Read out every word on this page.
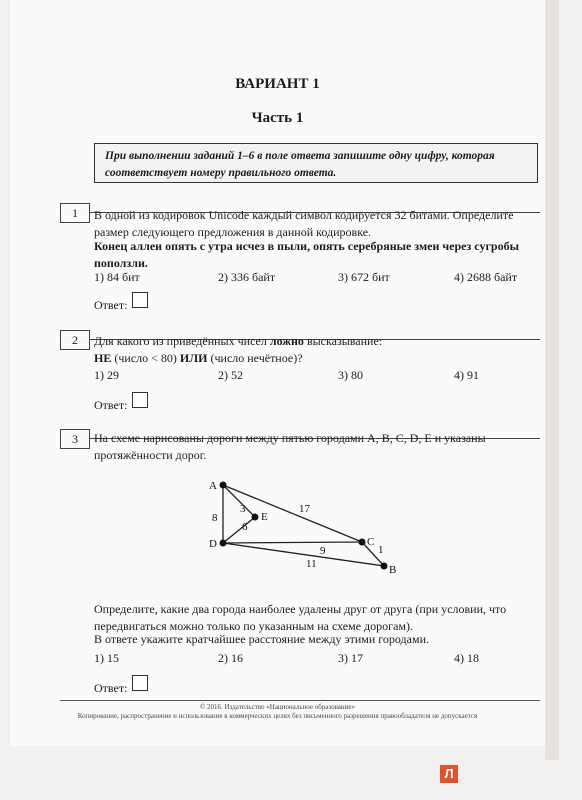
ВАРИАНТ 1
Часть 1
При выполнении заданий 1–6 в поле ответа запишите одну цифру, которая соответствует номеру правильного ответа.
1	В одной из кодировок Unicode каждый символ кодируется 32 битами. Определите размер следующего предложения в данной кодировке.
Конец аллеи опять с утра исчез в пыли, опять серебряные змеи через сугробы поползли.
1) 84 бит	2) 336 байт	3) 672 бит	4) 2688 байт
Ответ:
2	Для какого из приведённых чисел ложно высказывание:
НЕ (число < 80) ИЛИ (число нечётное)?
1) 29	2) 52	3) 80	4) 91
Ответ:
3	На схеме нарисованы дороги между пятью городами A, B, C, D, E и указаны протяжённости дорог.
A
B
C
D
E
3
8
6
17
9	1
11
Определите, какие два города наиболее удалены друг от друга (при условии, что передвигаться можно только по указанным на схеме дорогам).
В ответе укажите кратчайшее расстояние между этими городами.
1) 15	2) 16	3) 17	4) 18
Ответ:
© 2016. Издательство «Национальное образование»
Копирование, распространение и использование в коммерческих целях без письменного разрешения правообладателя не допускается
Л
